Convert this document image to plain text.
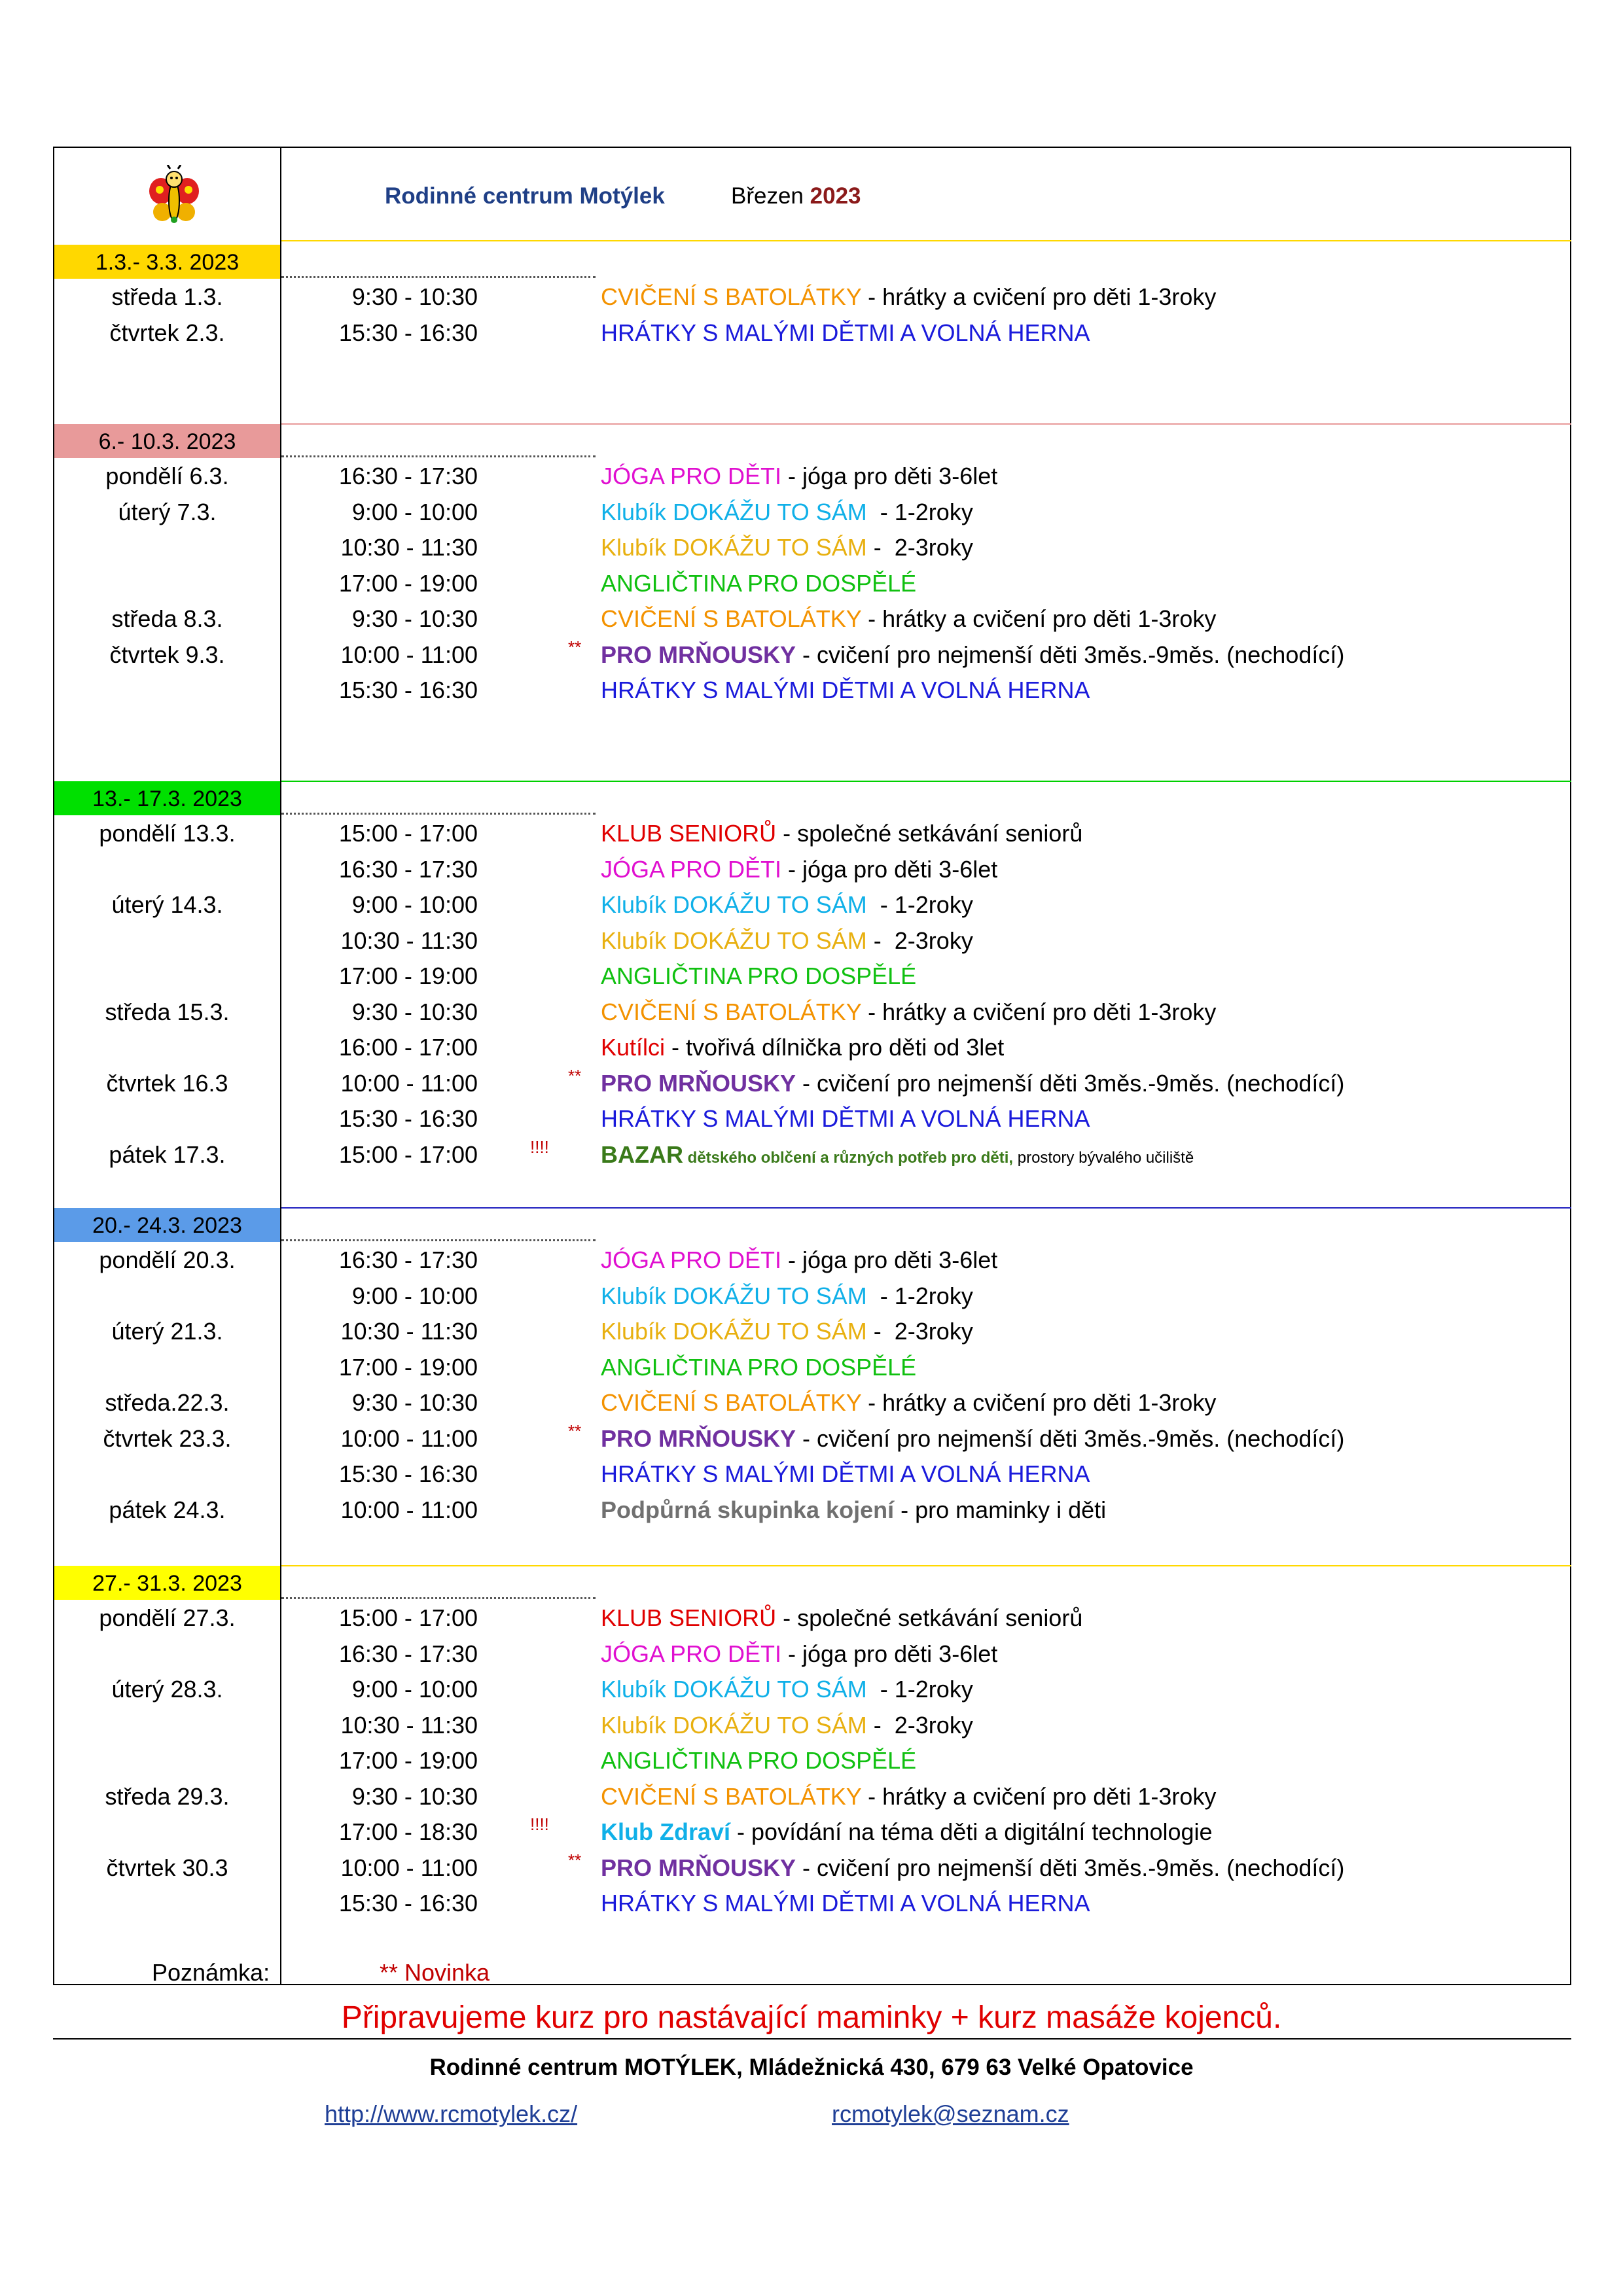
Rodinné centrum Motýlek	Březen 2023
1.3.- 3.3. 2023
středa 1.3.	9:30 - 10:30	CVIČENÍ S BATOLÁTKY - hrátky a cvičení pro děti 1-3roky
čtvrtek 2.3.	15:30 - 16:30	HRÁTKY S MALÝMI DĚTMI A VOLNÁ HERNA
6.- 10.3. 2023
pondělí 6.3.	16:30 - 17:30	JÓGA PRO DĚTI - jóga pro děti 3-6let
úterý 7.3.	9:00 - 10:00	Klubík DOKÁŽU TO SÁM  - 1-2roky
10:30 - 11:30	Klubík DOKÁŽU TO SÁM -  2-3roky
17:00 - 19:00	ANGLIČTINA PRO DOSPĚLÉ
středa 8.3.	9:30 - 10:30	CVIČENÍ S BATOLÁTKY - hrátky a cvičení pro děti 1-3roky
čtvrtek 9.3.	10:00 - 11:00	** PRO MRŇOUSKY - cvičení pro nejmenší děti 3měs.-9měs. (nechodící)
15:30 - 16:30	HRÁTKY S MALÝMI DĚTMI A VOLNÁ HERNA
13.- 17.3. 2023
pondělí 13.3.	15:00 - 17:00	KLUB SENIORŮ - společné setkávání seniorů
16:30 - 17:30	JÓGA PRO DĚTI - jóga pro děti 3-6let
úterý 14.3.	9:00 - 10:00	Klubík DOKÁŽU TO SÁM  - 1-2roky
10:30 - 11:30	Klubík DOKÁŽU TO SÁM -  2-3roky
17:00 - 19:00	ANGLIČTINA PRO DOSPĚLÉ
středa 15.3.	9:30 - 10:30	CVIČENÍ S BATOLÁTKY - hrátky a cvičení pro děti 1-3roky
16:00 - 17:00	Kutílci - tvořivá dílnička pro děti od 3let
čtvrtek 16.3	10:00 - 11:00	** PRO MRŇOUSKY - cvičení pro nejmenší děti 3měs.-9měs. (nechodící)
15:30 - 16:30	HRÁTKY S MALÝMI DĚTMI A VOLNÁ HERNA
pátek 17.3.	15:00 - 17:00	!!!! BAZAR dětského oblčení a různých potřeb pro děti, prostory bývalého učiliště
20.- 24.3. 2023
pondělí 20.3.	16:30 - 17:30	JÓGA PRO DĚTI - jóga pro děti 3-6let
9:00 - 10:00	Klubík DOKÁŽU TO SÁM  - 1-2roky
úterý 21.3.	10:30 - 11:30	Klubík DOKÁŽU TO SÁM -  2-3roky
17:00 - 19:00	ANGLIČTINA PRO DOSPĚLÉ
středa.22.3.	9:30 - 10:30	CVIČENÍ S BATOLÁTKY - hrátky a cvičení pro děti 1-3roky
čtvrtek 23.3.	10:00 - 11:00	** PRO MRŇOUSKY - cvičení pro nejmenší děti 3měs.-9měs. (nechodící)
15:30 - 16:30	HRÁTKY S MALÝMI DĚTMI A VOLNÁ HERNA
pátek 24.3.	10:00 - 11:00	Podpůrná skupinka kojení - pro maminky i děti
27.- 31.3. 2023
pondělí 27.3.	15:00 - 17:00	KLUB SENIORŮ - společné setkávání seniorů
16:30 - 17:30	JÓGA PRO DĚTI - jóga pro děti 3-6let
úterý 28.3.	9:00 - 10:00	Klubík DOKÁŽU TO SÁM  - 1-2roky
10:30 - 11:30	Klubík DOKÁŽU TO SÁM -  2-3roky
17:00 - 19:00	ANGLIČTINA PRO DOSPĚLÉ
středa 29.3.	9:30 - 10:30	CVIČENÍ S BATOLÁTKY - hrátky a cvičení pro děti 1-3roky
17:00 - 18:30	!!!! Klub Zdraví - povídání na téma děti a digitální technologie
čtvrtek 30.3	10:00 - 11:00	** PRO MRŇOUSKY - cvičení pro nejmenší děti 3měs.-9měs. (nechodící)
15:30 - 16:30	HRÁTKY S MALÝMI DĚTMI A VOLNÁ HERNA
Poznámka:	** Novinka
Připravujeme kurz pro nastávající maminky + kurz masáže kojenců.
Rodinné centrum MOTÝLEK, Mládežnická 430, 679 63 Velké Opatovice
http://www.rcmotylek.cz/	rcmotylek@seznam.cz
